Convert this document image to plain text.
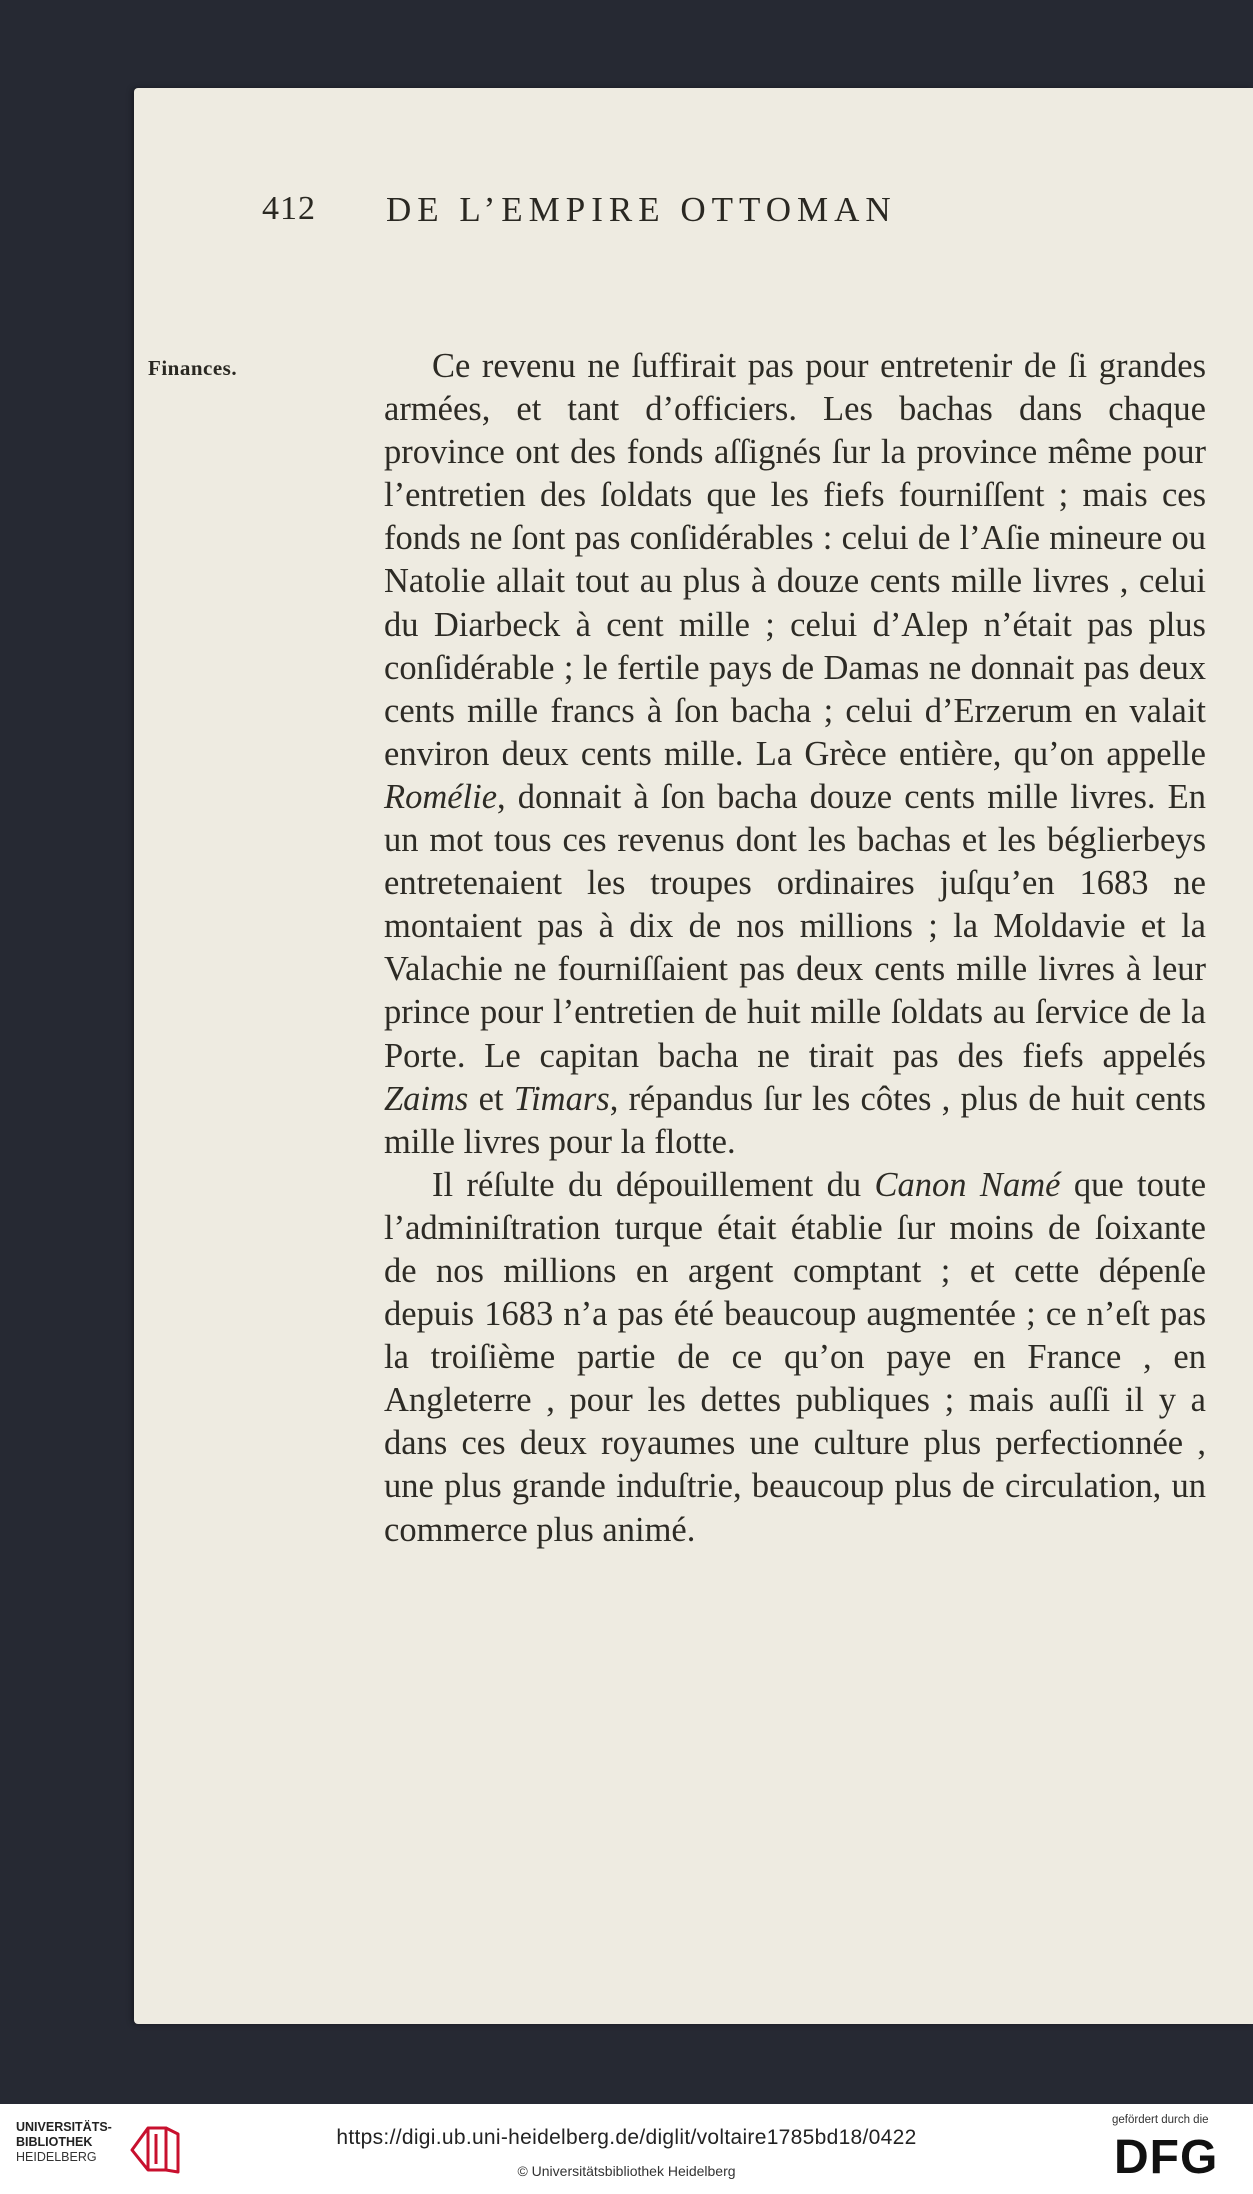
412 DE L’EMPIRE OTTOMAN
Finances.	Ce revenu ne ſuffirait pas pour entretenir de ſi grandes armées, et tant d’officiers. Les bachas dans chaque province ont des fonds aſſignés ſur la province même pour l’entretien des ſoldats que les fiefs fourniſſent ; mais ces fonds ne ſont pas conſidérables : celui de l’Aſie mineure ou Natolie allait tout au plus à douze cents mille livres , celui du Diarbeck à cent mille ; celui d’Alep n’était pas plus conſidérable ; le fertile pays de Damas ne donnait pas deux cents mille francs à ſon bacha ; celui d’Erzerum en valait environ deux cents mille. La Grèce entière, qu’on appelle Romélie, donnait à ſon bacha douze cents mille livres. En un mot tous ces revenus dont les bachas et les béglierbeys entretenaient les troupes ordinaires juſqu’en 1683 ne montaient pas à dix de nos millions ; la Moldavie et la Valachie ne fourniſſaient pas deux cents mille livres à leur prince pour l’entretien de huit mille ſoldats au ſervice de la Porte. Le capitan bacha ne tirait pas des fiefs appelés Zaims et Timars, répandus ſur les côtes , plus de huit cents mille livres pour la flotte.

Il réſulte du dépouillement du Canon Namé que toute l’adminiſtration turque était établie ſur moins de ſoixante de nos millions en argent comptant ; et cette dépenſe depuis 1683 n’a pas été beaucoup augmentée ; ce n’eſt pas la troiſième partie de ce qu’on paye en France , en Angleterre , pour les dettes publiques ; mais auſſi il y a dans ces deux royaumes une culture plus perfectionnée , une plus grande induſtrie, beaucoup plus de circulation, un commerce plus animé.

UNIVERSITÄTS-
BIBLIOTHEK
HEIDELBERG
https://digi.ub.uni-heidelberg.de/diglit/voltaire1785bd18/0422
© Universitätsbibliothek Heidelberg
gefördert durch die
DFG
